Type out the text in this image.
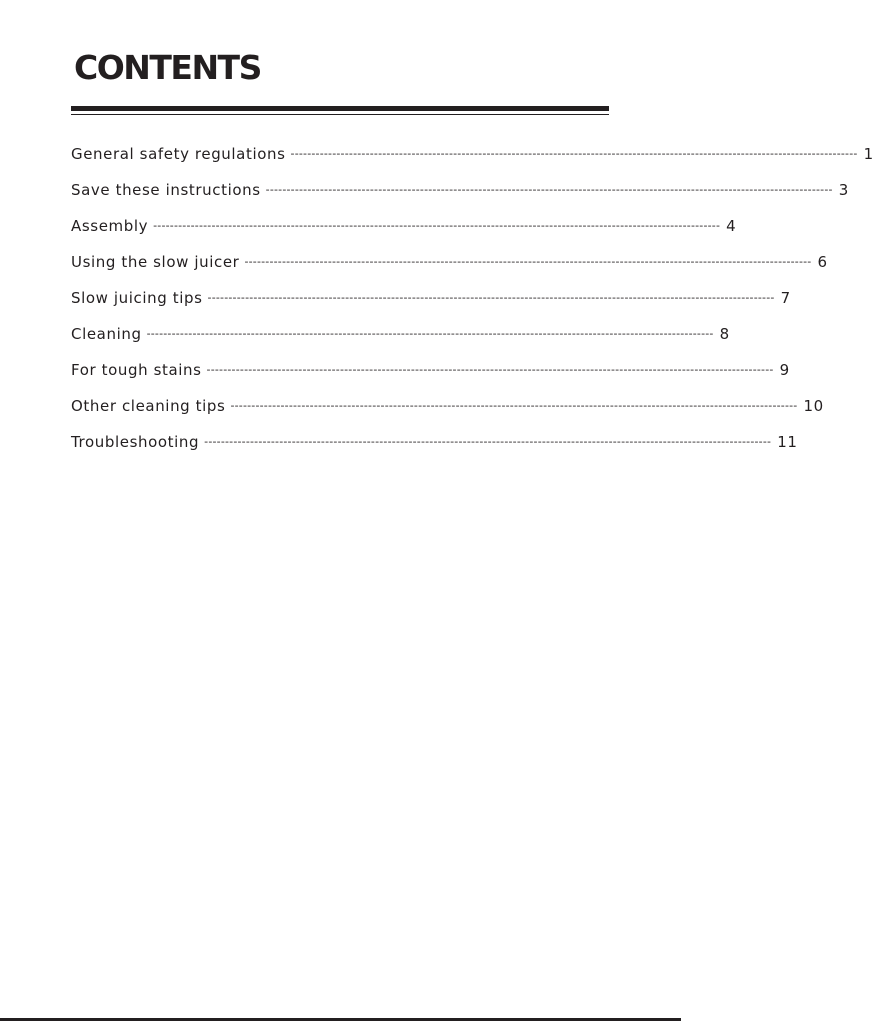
CONTENTS
General safety regulations ---------------------------------------------------------------------------------------------------------------------------------------- 1
Save these instructions ---------------------------------------------------------------------------------------------------------------------------------------- 3
Assembly ---------------------------------------------------------------------------------------------------------------------------------------- 4
Using the slow juicer ---------------------------------------------------------------------------------------------------------------------------------------- 6
Slow juicing tips ---------------------------------------------------------------------------------------------------------------------------------------- 7
Cleaning ---------------------------------------------------------------------------------------------------------------------------------------- 8
For tough stains ---------------------------------------------------------------------------------------------------------------------------------------- 9
Other cleaning tips ---------------------------------------------------------------------------------------------------------------------------------------- 10
Troubleshooting ---------------------------------------------------------------------------------------------------------------------------------------- 11
